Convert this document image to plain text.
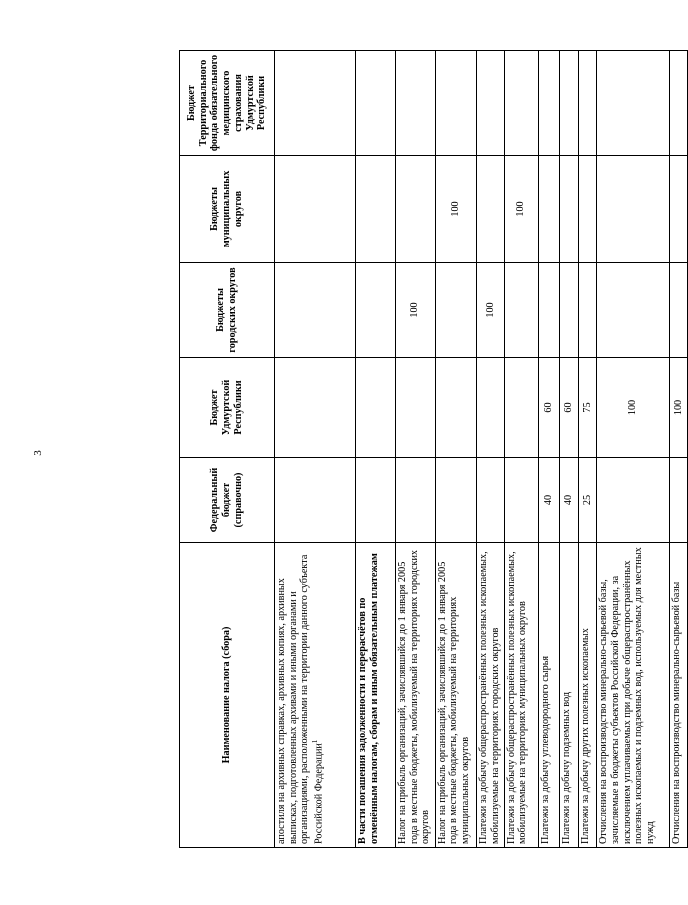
3
Наименование налога (сбора)	Федеральный бюджет (справочно)	Бюджет Удмуртской Республики	Бюджеты городских округов	Бюджеты муниципальных округов	Бюджет Территориального фонда обязательного медицинского страхования Удмуртской Республики
апостиля на архивных справках, архивных копиях, архивных выписках, подготовленных архивами и иными органами и организациями, расположенными на территории данного субъекта Российской Федерации$^1$					
В части погашения задолженности и перерасчётов по отменённым налогам, сборам и иным обязательным платежам					
Налог на прибыль организаций, зачислявшийся до 1 января 2005 года в местные бюджеты, мобилизуемый на территориях городских округов			100		
Налог на прибыль организаций, зачислявшийся до 1 января 2005 года в местные бюджеты, мобилизуемый на территориях муниципальных округов				100	
Платежи за добычу общераспространённых полезных ископаемых, мобилизуемые на территориях городских округов			100		
Платежи за добычу общераспространённых полезных ископаемых, мобилизуемые на территориях муниципальных округов				100	
Платежи за добычу углеводородного сырья	40	60			
Платежи за добычу подземных вод	40	60			
Платежи за добычу других полезных ископаемых	25	75			
Отчисления на воспроизводство минерально-сырьевой базы, зачисляемые в бюджеты субъектов Российской Федерации, за исключением уплачиваемых при добыче общераспространённых полезных ископаемых и подземных вод, используемых для местных нужд		100			
Отчисления на воспроизводство минерально-сырьевой базы		100			
